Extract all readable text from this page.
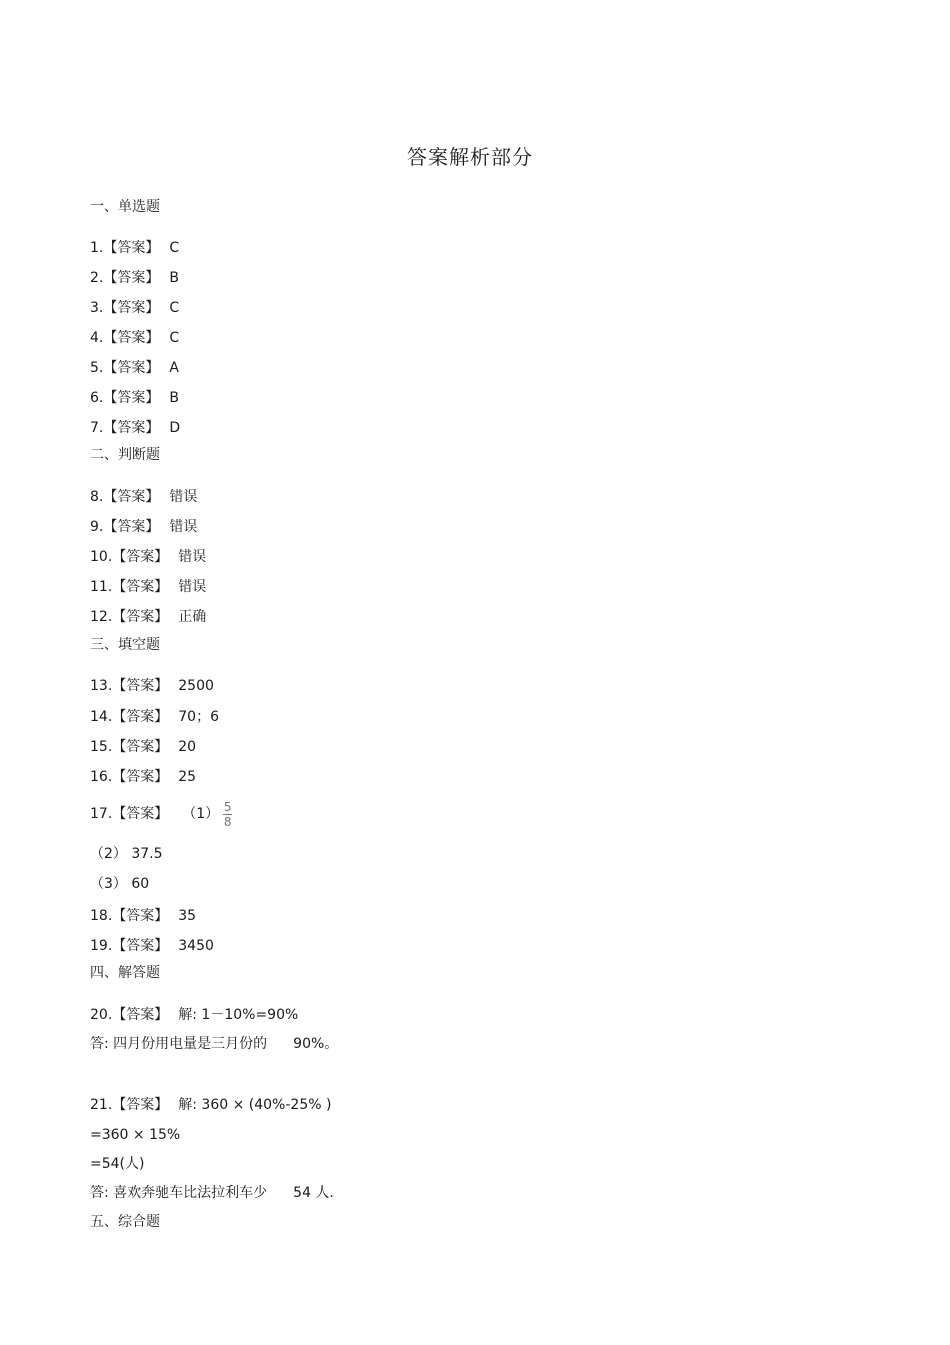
答案解析部分
一、单选题
1.【答案】 C
2.【答案】 B
3.【答案】 C
4.【答案】 C
5.【答案】 A
6.【答案】 B
7.【答案】 D
二、判断题
8.【答案】 错误
9.【答案】 错误
10.【答案】 错误
11.【答案】 错误
12.【答案】 正确
三、填空题
13.【答案】 2500
14.【答案】 70；6
15.【答案】 20
16.【答案】 25
17.【答案】 $(1) \frac{5}{8}$
（2） 37.5
（3） 60
18.【答案】 35
19.【答案】 3450
四、解答题
20.【答案】 解: 1－10%=90%
答: 四月份用电量是三月份的 90%。
21.【答案】 解: 360 × (40%-25% )
=360 × 15%
=54(人)
答: 喜欢奔驰车比法拉利车少 54 人.
五、综合题
